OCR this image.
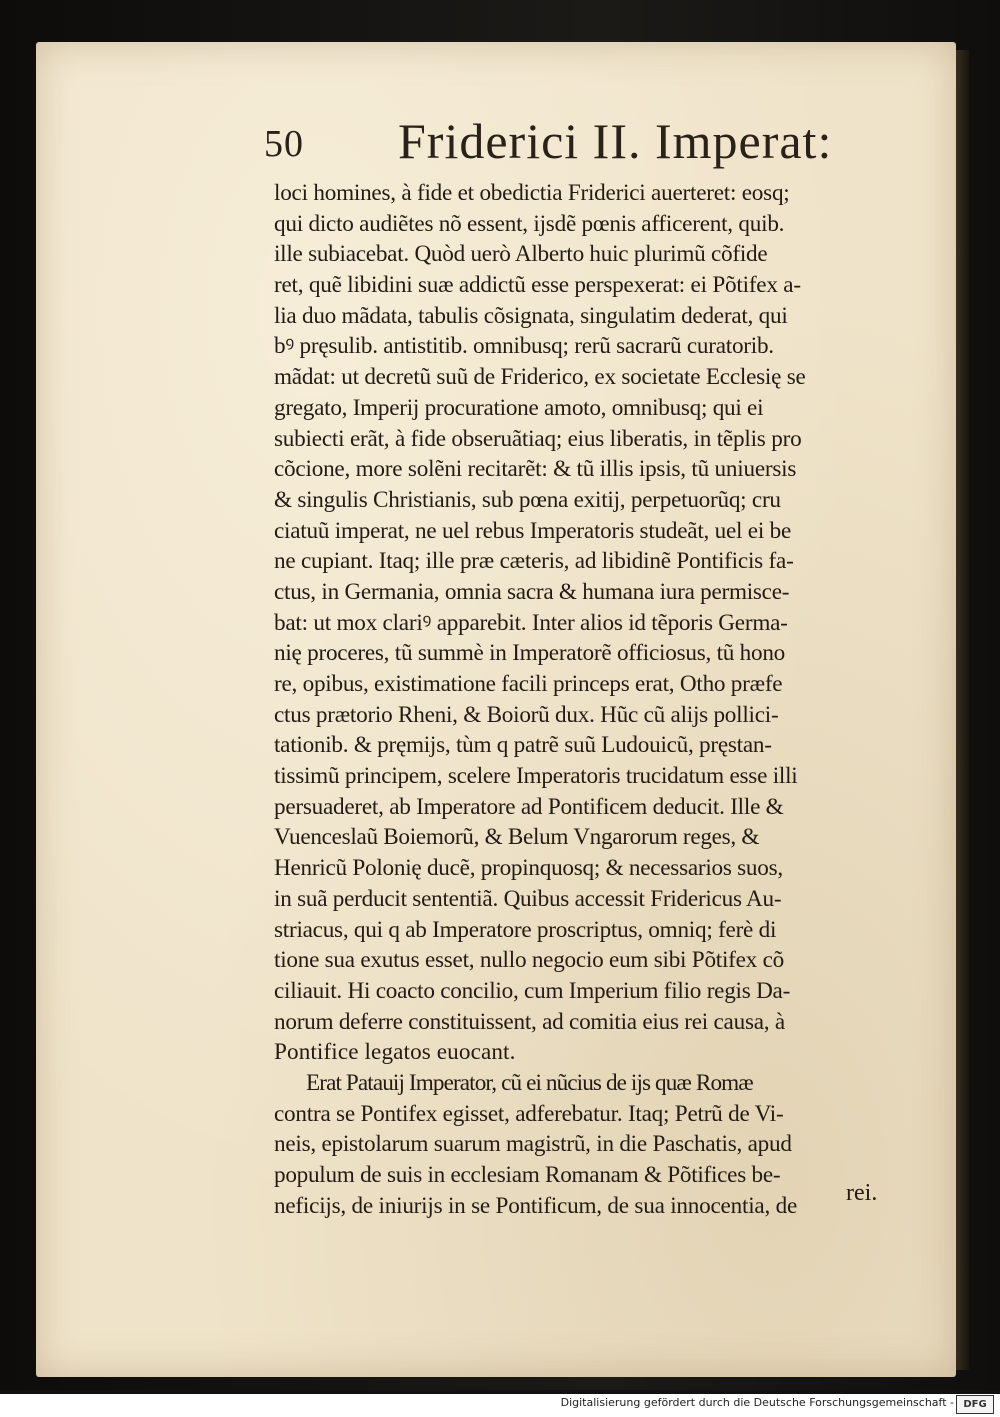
50 Friderici II. Imperat:
loci homines, à fide et obedictia Friderici auerteret: eosq;
qui dicto audiẽtes nõ essent, ijsdẽ pœnis afficerent, quib.
ille subiacebat. Quòd uerò Alberto huic plurimũ cõfide
ret, quẽ libidini suæ addictũ esse perspexerat: ei Põtifex a-
lia duo mãdata, tabulis cõsignata, singulatim dederat, qui
bꝰ pręsulib. antistitib. omnibusq; rerũ sacrarũ curatorib.
mãdat: ut decretũ suũ de Friderico, ex societate Ecclesię se
gregato, Imperij procuratione amoto, omnibusq; qui ei
subiecti erãt, à fide obseruãtiaq; eius liberatis, in tẽplis pro
cõcione, more solẽni recitarẽt: & tũ illis ipsis, tũ uniuersis
& singulis Christianis, sub pœna exitij, perpetuorũq; cru
ciatuũ imperat, ne uel rebus Imperatoris studeãt, uel ei be
ne cupiant. Itaq; ille præ cæteris, ad libidinẽ Pontificis fa-
ctus, in Germania, omnia sacra & humana iura permisce-
bat: ut mox clariꝰ apparebit. Inter alios id tẽporis Germa-
nię proceres, tũ summè in Imperatorẽ officiosus, tũ hono
re, opibus, existimatione facili princeps erat, Otho præfe
ctus prætorio Rheni, & Boiorũ dux. Hũc cũ alijs pollici-
tationib. & pręmijs, tùm q patrẽ suũ Ludouicũ, pręstan-
tissimũ principem, scelere Imperatoris trucidatum esse illi
persuaderet, ab Imperatore ad Pontificem deducit. Ille &
Vuenceslaũ Boiemorũ, & Belum Vngarorum reges, &
Henricũ Polonię ducẽ, propinquosq; & necessarios suos,
in suã perducit sententiã. Quibus accessit Fridericus Au-
striacus, qui q ab Imperatore proscriptus, omniq; ferè di
tione sua exutus esset, nullo negocio eum sibi Põtifex cõ
ciliauit. Hi coacto concilio, cum Imperium filio regis Da-
norum deferre constituissent, ad comitia eius rei causa, à
Pontifice legatos euocant.
Erat Patauij Imperator, cũ ei nũcius de ijs quæ Romæ
contra se Pontifex egisset, adferebatur. Itaq; Petrũ de Vi-
neis, epistolarum suarum magistrũ, in die Paschatis, apud
populum de suis in ecclesiam Romanam & Põtifices be-
neficijs, de iniurijs in se Pontificum, de sua innocentia, de	rei.
Digitalisierung gefördert durch die Deutsche Forschungsgemeinschaft - DFG
